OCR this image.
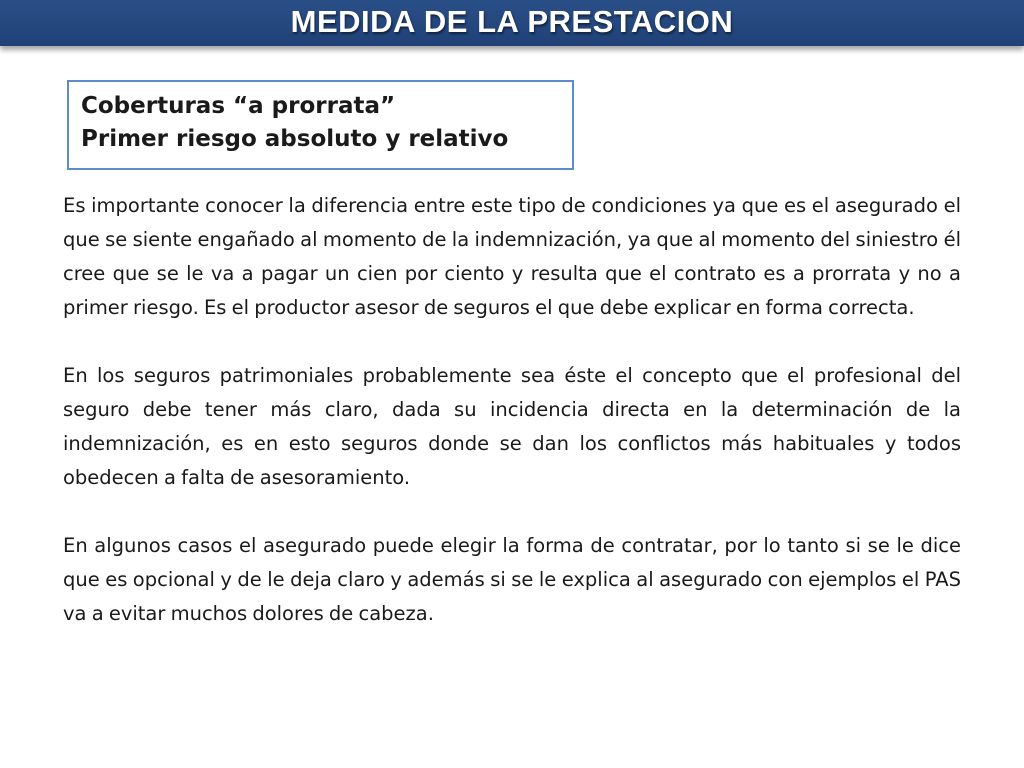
MEDIDA DE LA PRESTACION
Coberturas “a prorrata”
Primer riesgo absoluto y relativo

Es importante conocer la diferencia entre este tipo de condiciones ya que es el asegurado el que se siente engañado al momento de la indemnización, ya que al momento del siniestro él cree que se le va a pagar un cien por ciento y resulta que el contrato es a prorrata y no a primer riesgo. Es el productor asesor de seguros el que debe explicar en forma correcta.

En los seguros patrimoniales probablemente sea éste el concepto que el profesional del seguro debe tener más claro, dada su incidencia directa en la determinación de la indemnización, es en esto seguros donde se dan los conflictos más habituales y todos obedecen a falta de asesoramiento.

En algunos casos el asegurado puede elegir la forma de contratar, por lo tanto si se le dice que es opcional y de le deja claro y además si se le explica al asegurado con ejemplos el PAS va a evitar muchos dolores de cabeza.
